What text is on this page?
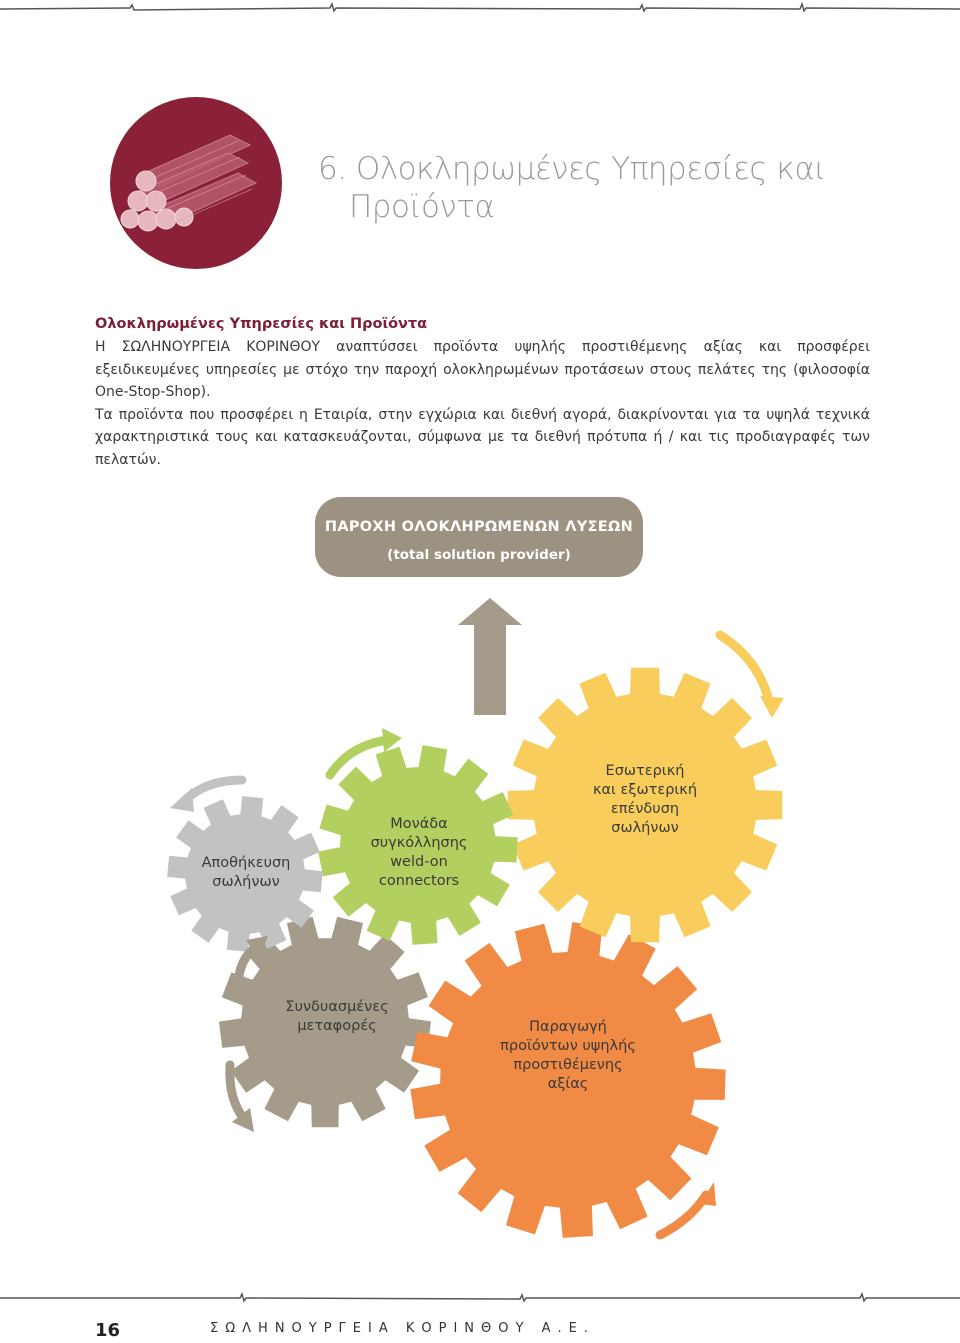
6. Ολοκληρωμένες Υπηρεσίες και
Προϊόντα

Ολοκληρωμένες Υπηρεσίες και Προϊόντα

Η ΣΩΛΗΝΟΥΡΓΕΙΑ ΚΟΡΙΝΘΟΥ αναπτύσσει προϊόντα υψηλής προστιθέμενης αξίας και προσφέρει εξειδικευμένες υπηρεσίες με στόχο την παροχή ολοκληρωμένων προτάσεων στους πελάτες της (φιλοσοφία One-Stop-Shop).

Τα προϊόντα που προσφέρει η Εταιρία, στην εγχώρια και διεθνή αγορά, διακρίνονται για τα υψηλά τεχνικά χαρακτηριστικά τους και κατασκευάζονται, σύμφωνα με τα διεθνή πρότυπα ή / και τις προδιαγραφές των πελατών.

ΠΑΡΟΧΗ ΟΛΟΚΛΗΡΩΜΕΝΩΝ ΛΥΣΕΩΝ
(total solution provider)
Αποθήκευση
σωλήνων
Μονάδα
συγκόλλησης
weld-on
connectors
Εσωτερική
και εξωτερική
επένδυση
σωλήνων
Συνδυασμένες
μεταφορές	Παραγωγή
προϊόντων υψηλής
προστιθέμενης
αξίας
16	ΣΩΛΗΝΟΥΡΓΕΙΑ ΚΟΡΙΝΘΟΥ Α.Ε.
